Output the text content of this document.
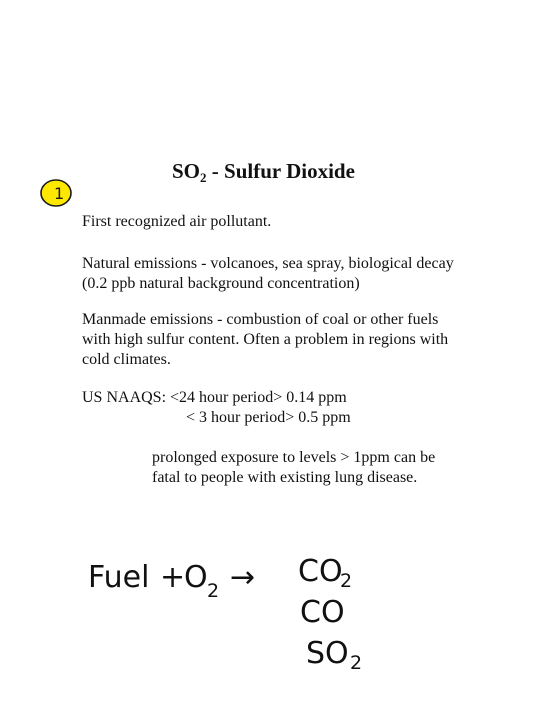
1
$SO_2$ - Sulfur Dioxide
First recognized air pollutant.
Natural emissions - volcanoes, sea spray, biological decay
(0.2 ppb natural background concentration)
Manmade emissions - combustion of coal or other fuels
with high sulfur content. Often a problem in regions with
cold climates.
US NAAQS: <24 hour period> 0.14 ppm
< 3 hour period> 0.5 ppm
prolonged exposure to levels > 1ppm can be
fatal to people with existing lung disease.
Fuel +
O 2 → CO
2
CO
SO 2
